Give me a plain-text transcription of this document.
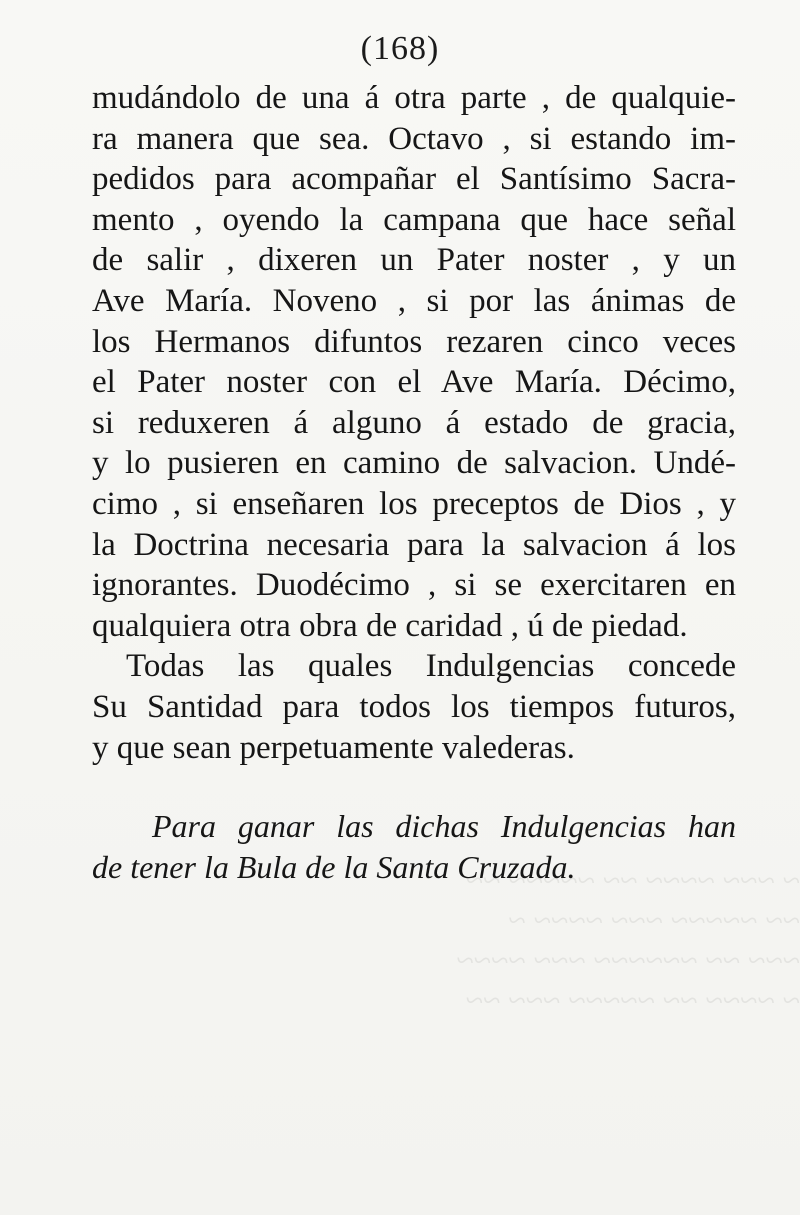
(168)
mudándolo de una á otra parte , de qualquie-
ra manera que sea. Octavo , si estando im-
pedidos para acompañar el Santísimo Sacra-
mento , oyendo la campana que hace señal
de salir , dixeren un Pater noster , y un
Ave María. Noveno , si por las ánimas de
los Hermanos difuntos rezaren cinco veces
el Pater noster con el Ave María. Décimo,
si reduxeren á alguno á estado de gracia,
y lo pusieren en camino de salvacion. Undé-
cimo , si enseñaren los preceptos de Dios , y
la Doctrina necesaria para la salvacion á los
ignorantes. Duodécimo , si se exercitaren en
qualquiera otra obra de caridad , ú de piedad.
Todas las quales Indulgencias concede
Su Santidad para todos los tiempos futuros,
y que sean perpetuamente valederas.
Para ganar las dichas Indulgencias han
de tener la Bula de la Santa Cruzada.
~ ~~~ ~~~~ ~~ ~~~~~ ~~
~~ ~~~~~ ~~~ ~~~~ ~
~~~ ~~ ~~~~~~ ~~~ ~~~~
~ ~~~~ ~~ ~~~~~ ~~~ ~~
